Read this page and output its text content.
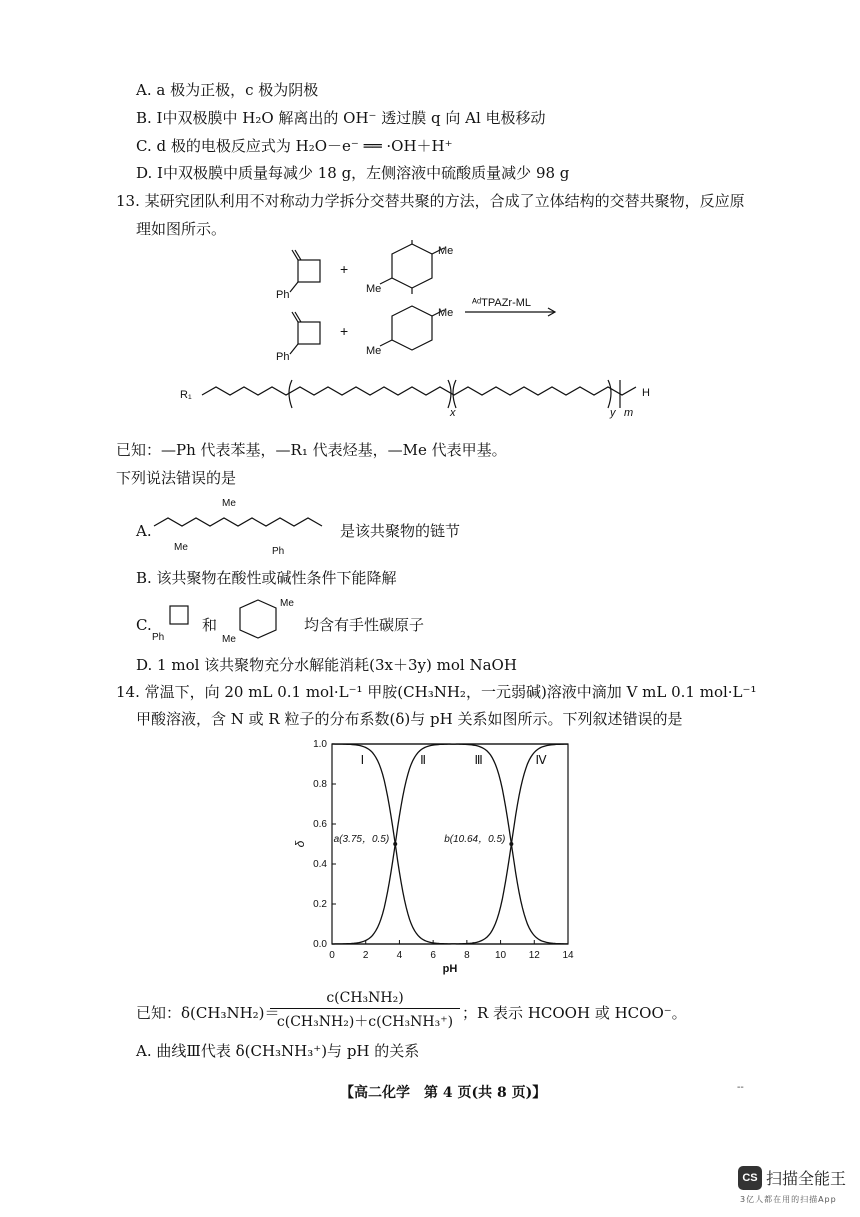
A. a 极为正极，c 极为阴极
B. Ⅰ中双极膜中 H₂O 解离出的 OH⁻ 透过膜 q 向 Al 电极移动
C. d 极的电极反应式为 H₂O－e⁻ ══ ·OH＋H⁺
D. Ⅰ中双极膜中质量每减少 18 g，左侧溶液中硫酸质量减少 98 g
13. 某研究团队利用不对称动力学拆分交替共聚的方法，合成了立体结构的交替共聚物，反应原
理如图所示。
Ph
Me
Me
Ph
Me
Me
R₁	H
x	y m
+
+
ᴬᵈTPAZr-ML
已知：—Ph 代表苯基，—R₁ 代表烃基，—Me 代表甲基。
下列说法错误的是
A.
Me
Me	Ph
是该共聚物的链节
B. 该共聚物在酸性或碱性条件下能降解
C.
Ph
和
Me
Me
均含有手性碳原子
D. 1 mol 该共聚物充分水解能消耗(3x＋3y) mol NaOH
14. 常温下，向 20 mL 0.1 mol·L⁻¹ 甲胺(CH₃NH₂，一元弱碱)溶液中滴加 V mL 0.1 mol·L⁻¹
甲酸溶液，含 N 或 R 粒子的分布系数(δ)与 pH 关系如图所示。下列叙述错误的是
0	2	4	6	8	10 12 14
0.0
0.2
0.4
0.6
0.8
1.0
pH
δ
Ⅰ	Ⅱ	Ⅲ	Ⅳ
a(3.75，0.5)	b(10.64，0.5)
已知：δ(CH₃NH₂)＝
$\frac{\text{c(CH₃NH₂)}}{\text{c(CH₃NH₂)＋c(CH₃NH₃⁺)}}$ ；R 表示 HCOOH 或 HCOO⁻。
A. 曲线Ⅲ代表 δ(CH₃NH₃⁺)与 pH 的关系
【高二化学　第 4 页(共 8 页)】	--
CS 扫描全能王
3亿人都在用的扫描App
